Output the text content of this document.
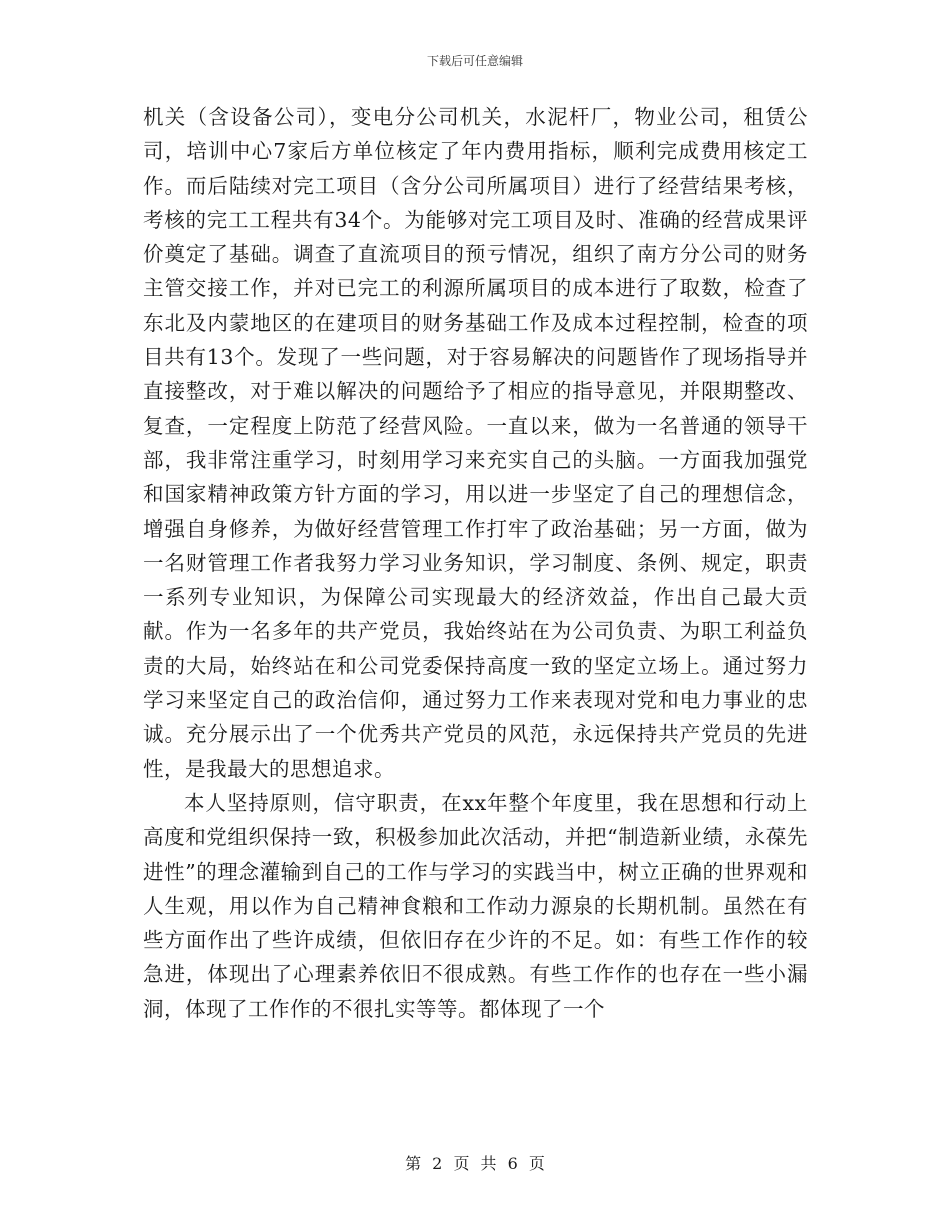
下载后可任意编辑

机关（含设备公司），变电分公司机关，水泥杆厂，物业公司，租赁公司，培训中心7家后方单位核定了年内费用指标，顺利完成费用核定工作。而后陆续对完工项目（含分公司所属项目）进行了经营结果考核，考核的完工工程共有34个。为能够对完工项目及时、准确的经营成果评价奠定了基础。调查了直流项目的预亏情况，组织了南方分公司的财务主管交接工作，并对已完工的利源所属项目的成本进行了取数，检查了东北及内蒙地区的在建项目的财务基础工作及成本过程控制，检查的项目共有13个。发现了一些问题，对于容易解决的问题皆作了现场指导并直接整改，对于难以解决的问题给予了相应的指导意见，并限期整改、复查，一定程度上防范了经营风险。一直以来，做为一名普通的领导干部，我非常注重学习，时刻用学习来充实自己的头脑。一方面我加强党和国家精神政策方针方面的学习，用以进一步坚定了自己的理想信念，增强自身修养，为做好经营管理工作打牢了政治基础；另一方面，做为一名财管理工作者我努力学习业务知识，学习制度、条例、规定，职责一系列专业知识，为保障公司实现最大的经济效益，作出自己最大贡献。作为一名多年的共产党员，我始终站在为公司负责、为职工利益负责的大局，始终站在和公司党委保持高度一致的坚定立场上。通过努力学习来坚定自己的政治信仰，通过努力工作来表现对党和电力事业的忠诚。充分展示出了一个优秀共产党员的风范，永远保持共产党员的先进性，是我最大的思想追求。

本人坚持原则，信守职责，在xx年整个年度里，我在思想和行动上高度和党组织保持一致，积极参加此次活动，并把“制造新业绩，永葆先进性”的理念灌输到自己的工作与学习的实践当中，树立正确的世界观和人生观，用以作为自己精神食粮和工作动力源泉的长期机制。虽然在有些方面作出了些许成绩，但依旧存在少许的不足。如：有些工作作的较急进，体现出了心理素养依旧不很成熟。有些工作作的也存在一些小漏洞，体现了工作作的不很扎实等等。都体现了一个

第 2 页 共 6 页
